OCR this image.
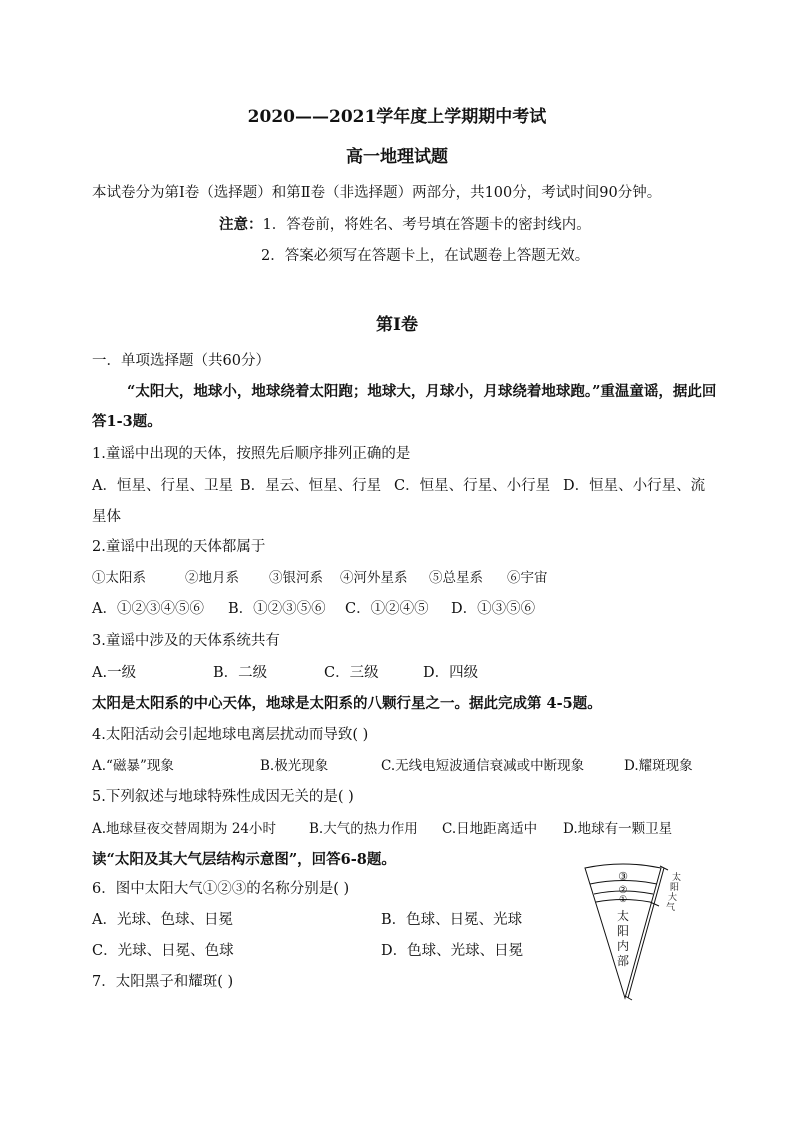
2020——2021学年度上学期期中考试
高一地理试题
本试卷分为第Ⅰ卷（选择题）和第Ⅱ卷（非选择题）两部分，共100分，考试时间90分钟。
注意：1．答卷前，将姓名、考号填在答题卡的密封线内。
2．答案必须写在答题卡上，在试题卷上答题无效。
第Ⅰ卷
一．单项选择题（共60分）
“太阳大，地球小，地球绕着太阳跑；地球大，月球小，月球绕着地球跑。”重温童谣，据此回
答1-3题。
1.童谣中出现的天体，按照先后顺序排列正确的是
A．恒星、行星、卫星 B．星云、恒星、行星 C．恒星、行星、小行星 D．恒星、小行星、流
星体
2.童谣中出现的天体都属于
①太阳系	②地月系 ③银河系 ④河外星系 ⑤总星系 ⑥宇宙
A．①②③④⑤⑥ B．①②③⑤⑥ C．①②④⑤ D．①③⑤⑥
3.童谣中涉及的天体系统共有
A.一级	B．二级	C．三级	D．四级
太阳是太阳系的中心天体，地球是太阳系的八颗行星之一。据此完成第 4-5题。
4.太阳活动会引起地球电离层扰动而导致( )
A.“磁暴”现象	B.极光现象	C.无线电短波通信衰减或中断现象	D.耀斑现象
5.下列叙述与地球特殊性成因无关的是( )
A.地球昼夜交替周期为 24小时 B.大气的热力作用 C.日地距离适中 D.地球有一颗卫星
读“太阳及其大气层结构示意图”，回答6-8题。
6．图中太阳大气①②③的名称分别是( )
A．光球、色球、日冕	B．色球、日冕、光球
C．光球、日冕、色球	D．色球、光球、日冕
7．太阳黑子和耀斑( )
③
②
①
太
阳
内
部
太
阳
大
气
